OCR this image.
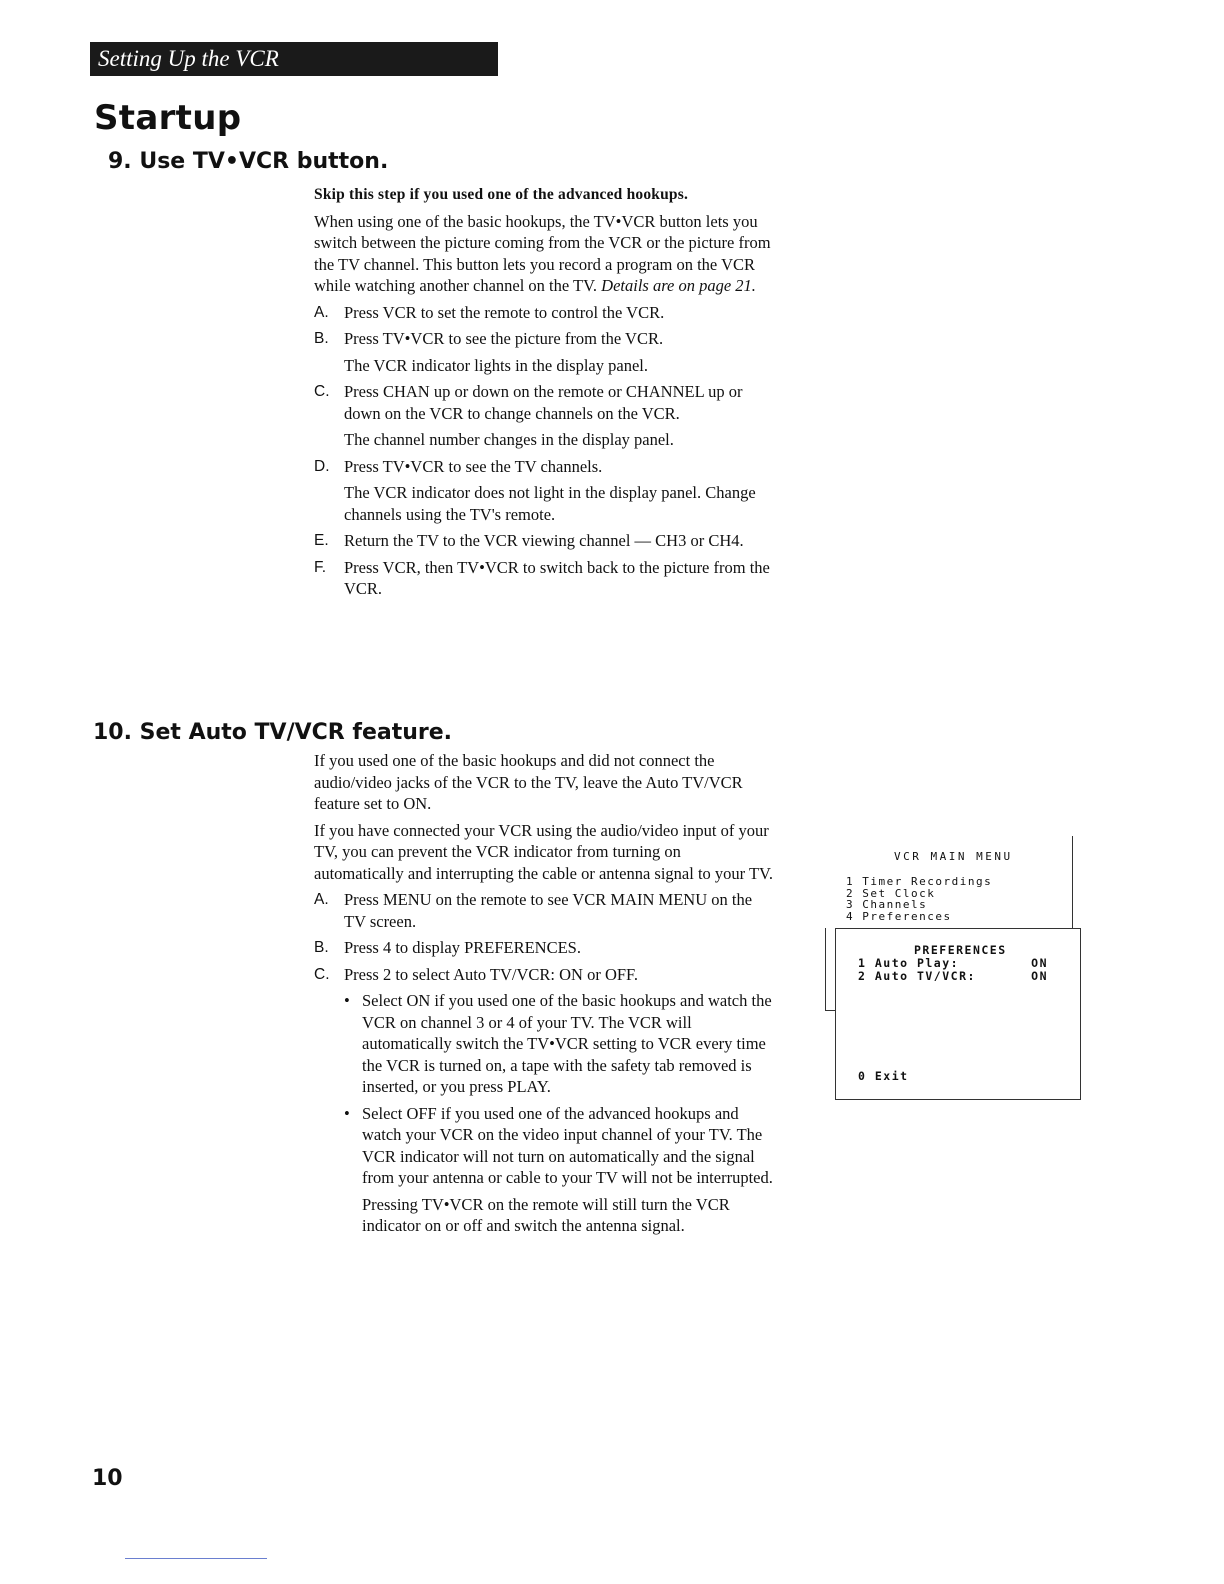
Setting Up the VCR
Startup
9. Use TV•VCR button.

Skip this step if you used one of the advanced hookups.

When using one of the basic hookups, the TV•VCR button lets you switch between the picture coming from the VCR or the picture from the TV channel. This button lets you record a program on the VCR while watching another channel on the TV. Details are on page 21.

A. Press VCR to set the remote to control the VCR.
B. Press TV•VCR to see the picture from the VCR.

The VCR indicator lights in the display panel.

C. Press CHAN up or down on the remote or CHANNEL up or down on the VCR to change channels on the VCR.

The channel number changes in the display panel.

D. Press TV•VCR to see the TV channels.

The VCR indicator does not light in the display panel. Change channels using the TV's remote.

E. Return the TV to the VCR viewing channel — CH3 or CH4.
F. Press VCR, then TV•VCR to switch back to the picture from the VCR.
10. Set Auto TV/VCR feature.

If you used one of the basic hookups and did not connect the audio/video jacks of the VCR to the TV, leave the Auto TV/VCR feature set to ON.

If you have connected your VCR using the audio/video input of your TV, you can prevent the VCR indicator from turning on automatically and interrupting the cable or antenna signal to your TV.

A. Press MENU on the remote to see VCR MAIN MENU on the TV screen.
B. Press 4 to display PREFERENCES.
C. Press 2 to select Auto TV/VCR: ON or OFF.
• Select ON if you used one of the basic hookups and watch the VCR on channel 3 or 4 of your TV. The VCR will automatically switch the TV•VCR setting to VCR every time the VCR is turned on, a tape with the safety tab removed is inserted, or you press PLAY.
• Select OFF if you used one of the advanced hookups and watch your VCR on the video input channel of your TV. The VCR indicator will not turn on automatically and the signal from your antenna or cable to your TV will not be interrupted.

Pressing TV•VCR on the remote will still turn the VCR indicator on or off and switch the antenna signal.

VCR MAIN MENU
1 Timer Recordings
2 Set Clock
3 Channels
4 Preferences
PREFERENCES
1 Auto Play:	ON
2 Auto TV/VCR:	ON
0 Exit
10
